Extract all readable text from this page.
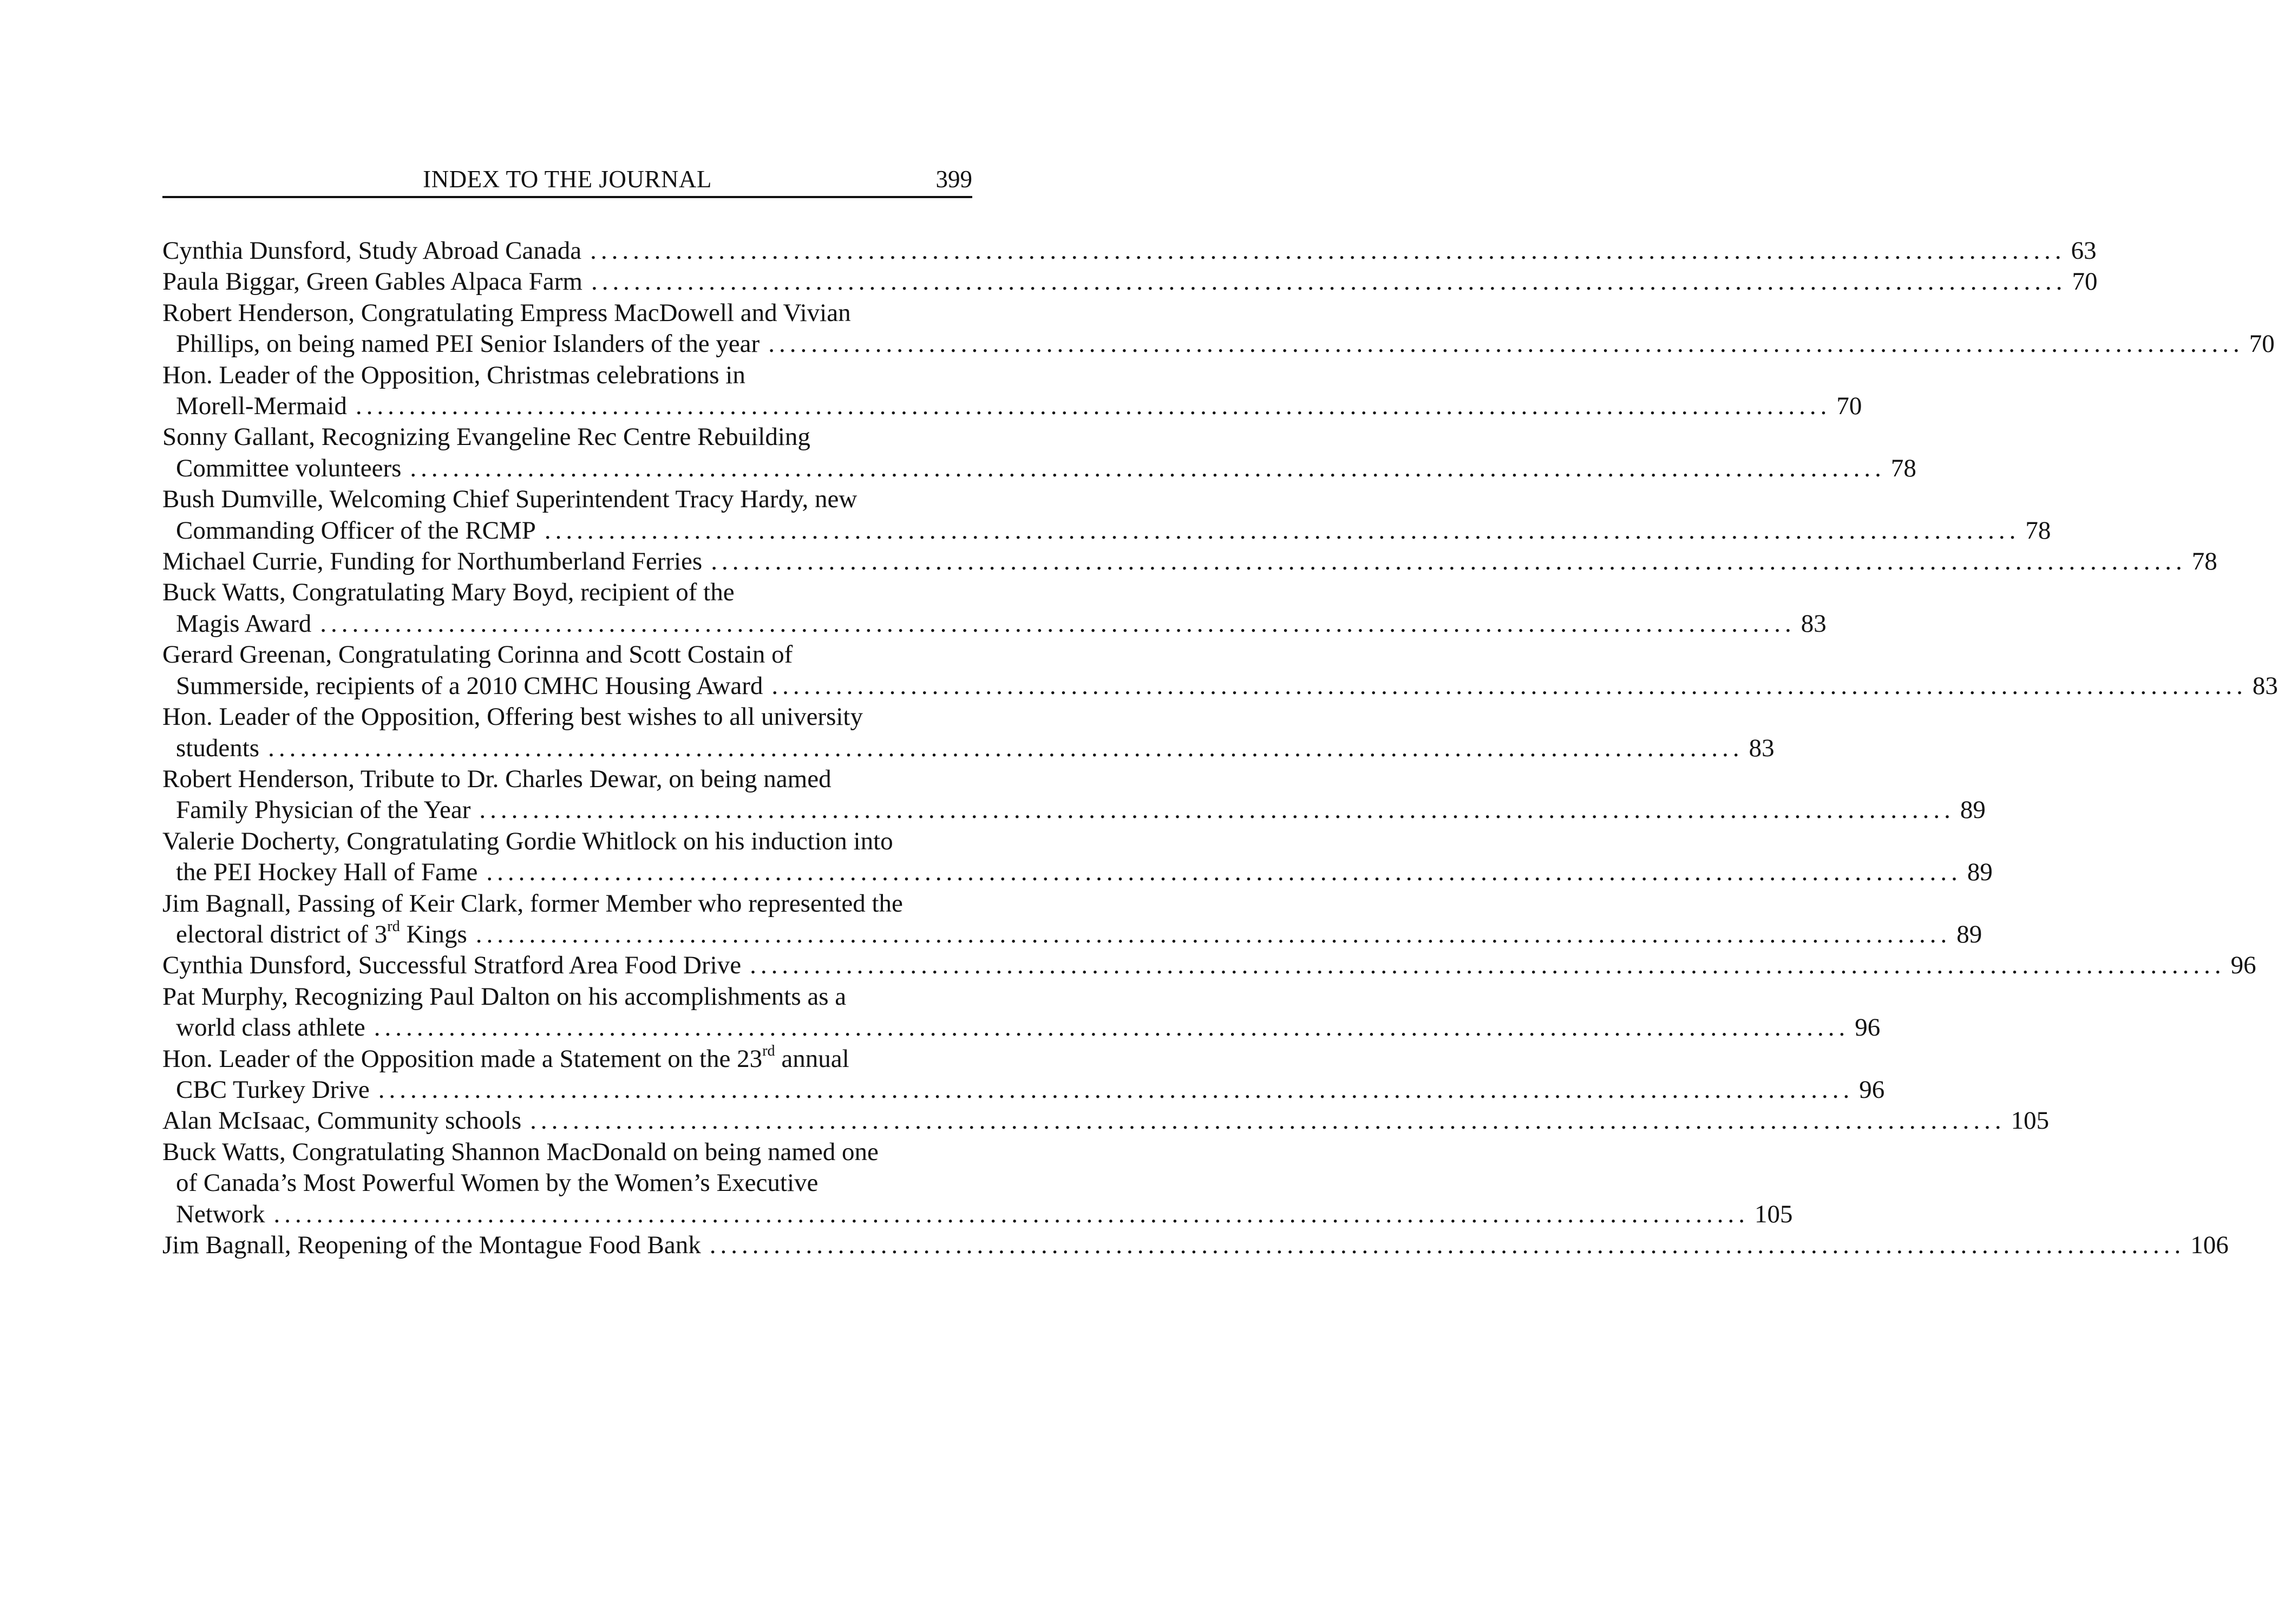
INDEX TO THE JOURNAL	399
Cynthia Dunsford, Study Abroad Canada .......................................................................................................................................... 63
Paula Biggar, Green Gables Alpaca Farm .......................................................................................................................................... 70
Robert Henderson, Congratulating Empress MacDowell and Vivian
Phillips, on being named PEI Senior Islanders of the year .......................................................................................................................................... 70
Hon. Leader of the Opposition, Christmas celebrations in
Morell-Mermaid .......................................................................................................................................... 70
Sonny Gallant, Recognizing Evangeline Rec Centre Rebuilding
Committee volunteers .......................................................................................................................................... 78
Bush Dumville, Welcoming Chief Superintendent Tracy Hardy, new
Commanding Officer of the RCMP .......................................................................................................................................... 78
Michael Currie, Funding for Northumberland Ferries .......................................................................................................................................... 78
Buck Watts, Congratulating Mary Boyd, recipient of the
Magis Award .......................................................................................................................................... 83
Gerard Greenan, Congratulating Corinna and Scott Costain of
Summerside, recipients of a 2010 CMHC Housing Award .......................................................................................................................................... 83
Hon. Leader of the Opposition, Offering best wishes to all university
students .......................................................................................................................................... 83
Robert Henderson, Tribute to Dr. Charles Dewar, on being named
Family Physician of the Year .......................................................................................................................................... 89
Valerie Docherty, Congratulating Gordie Whitlock on his induction into
the PEI Hockey Hall of Fame .......................................................................................................................................... 89
Jim Bagnall, Passing of Keir Clark, former Member who represented the
electoral district of 3rd Kings .......................................................................................................................................... 89
Cynthia Dunsford, Successful Stratford Area Food Drive .......................................................................................................................................... 96
Pat Murphy, Recognizing Paul Dalton on his accomplishments as a
world class athlete .......................................................................................................................................... 96
Hon. Leader of the Opposition made a Statement on the 23rd annual
CBC Turkey Drive .......................................................................................................................................... 96
Alan McIsaac, Community schools .......................................................................................................................................... 105
Buck Watts, Congratulating Shannon MacDonald on being named one
of Canada’s Most Powerful Women by the Women’s Executive
Network .......................................................................................................................................... 105
Jim Bagnall, Reopening of the Montague Food Bank .......................................................................................................................................... 106
